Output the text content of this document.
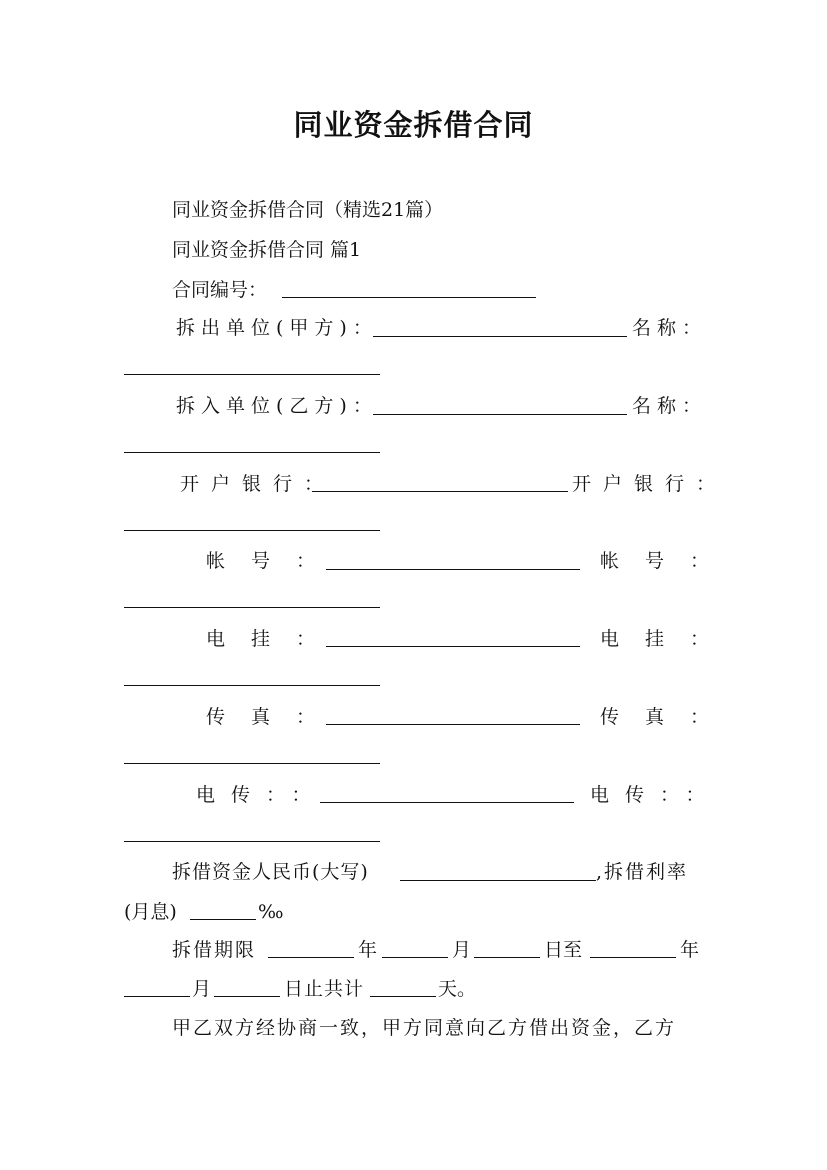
同业资金拆借合同
同业资金拆借合同（精选21篇）
同业资金拆借合同 篇1
合同编号：
拆出单位(甲方)：	名称：
拆入单位(乙方)：	名称：
开户银行：	开户银行：
帐号：	帐号：
电挂：	电挂：
传真：	传真：
电传：：	电传：：
拆借资金人民币(大写)	,拆借利率
(月息)	‰
拆借期限	年	月	日至	年
月	日止共计	天。
甲乙双方经协商一致，甲方同意向乙方借出资金，乙方
